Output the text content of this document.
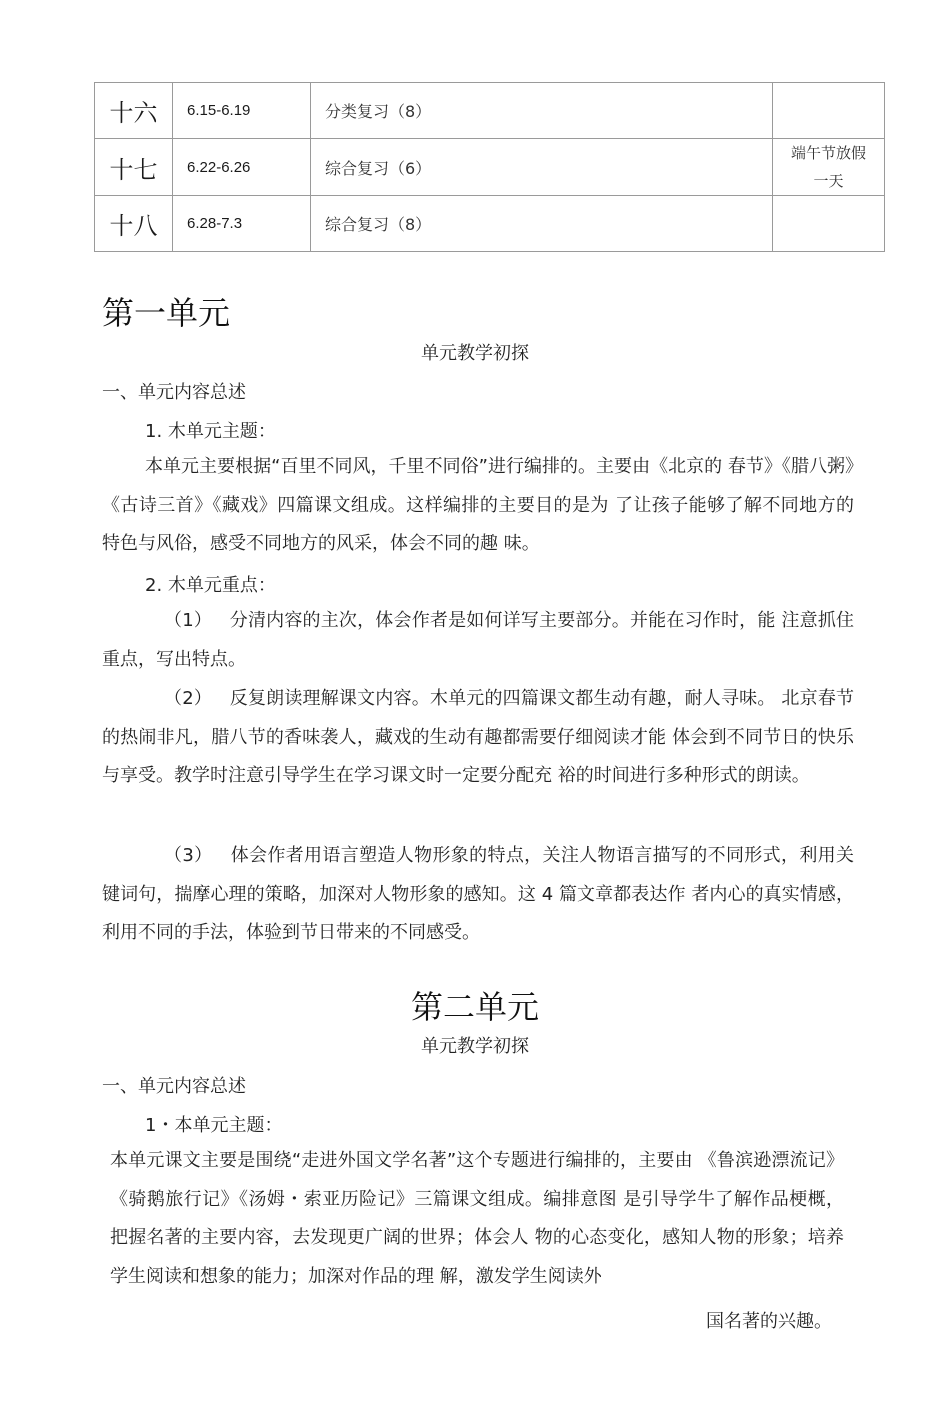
十六	6.15-6.19	分类复习（8）	
十七	6.22-6.26	综合复习（6）	端午节放假一天

十八	6.28-7.3	综合复习（8）	
第一单元
单元教学初探
一、单元内容总述
1. 木单元主题：
本单元主要根据“百里不同风，千里不同俗”进行编排的。主要由《北京的 春节》《腊八粥》《古诗三首》《藏戏》四篇课文组成。这样编排的主要目的是为 了让孩子能够了解不同地方的特色与风俗，感受不同地方的风采，体会不同的趣 味。
2. 木单元重点：
（1） 分清内容的主次，体会作者是如何详写主要部分。并能在习作时，能 注意抓住重点，写出特点。
（2） 反复朗读理解课文内容。木单元的四篇课文都生动有趣，耐人寻味。 北京春节的热闹非凡，腊八节的香味袭人，藏戏的生动有趣都需要仔细阅读才能 体会到不同节日的快乐与享受。教学时注意引导学生在学习课文时一定要分配充 裕的时间进行多种形式的朗读。
（3） 体会作者用语言塑造人物形象的特点，关注人物语言描写的不同形式，利用关键词句，揣摩心理的策略，加深对人物形象的感知。这 4 篇文章都表达作 者内心的真实情感，利用不同的手法，体验到节日带来的不同感受。
第二单元
单元教学初探
一、单元内容总述
1・本单元主题：
本单元课文主要是围绕“走进外国文学名著”这个专题进行编排的，主要由 《鲁滨逊漂流记》《骑鹅旅行记》《汤姆・索亚历险记》三篇课文组成。编排意图 是引导学牛了解作品梗概，把握名著的主要内容，去发现更广阔的世界；体会人 物的心态变化，感知人物的形象；培养学生阅读和想象的能力；加深对作品的理 解，激发学生阅读外
国名著的兴趣。
